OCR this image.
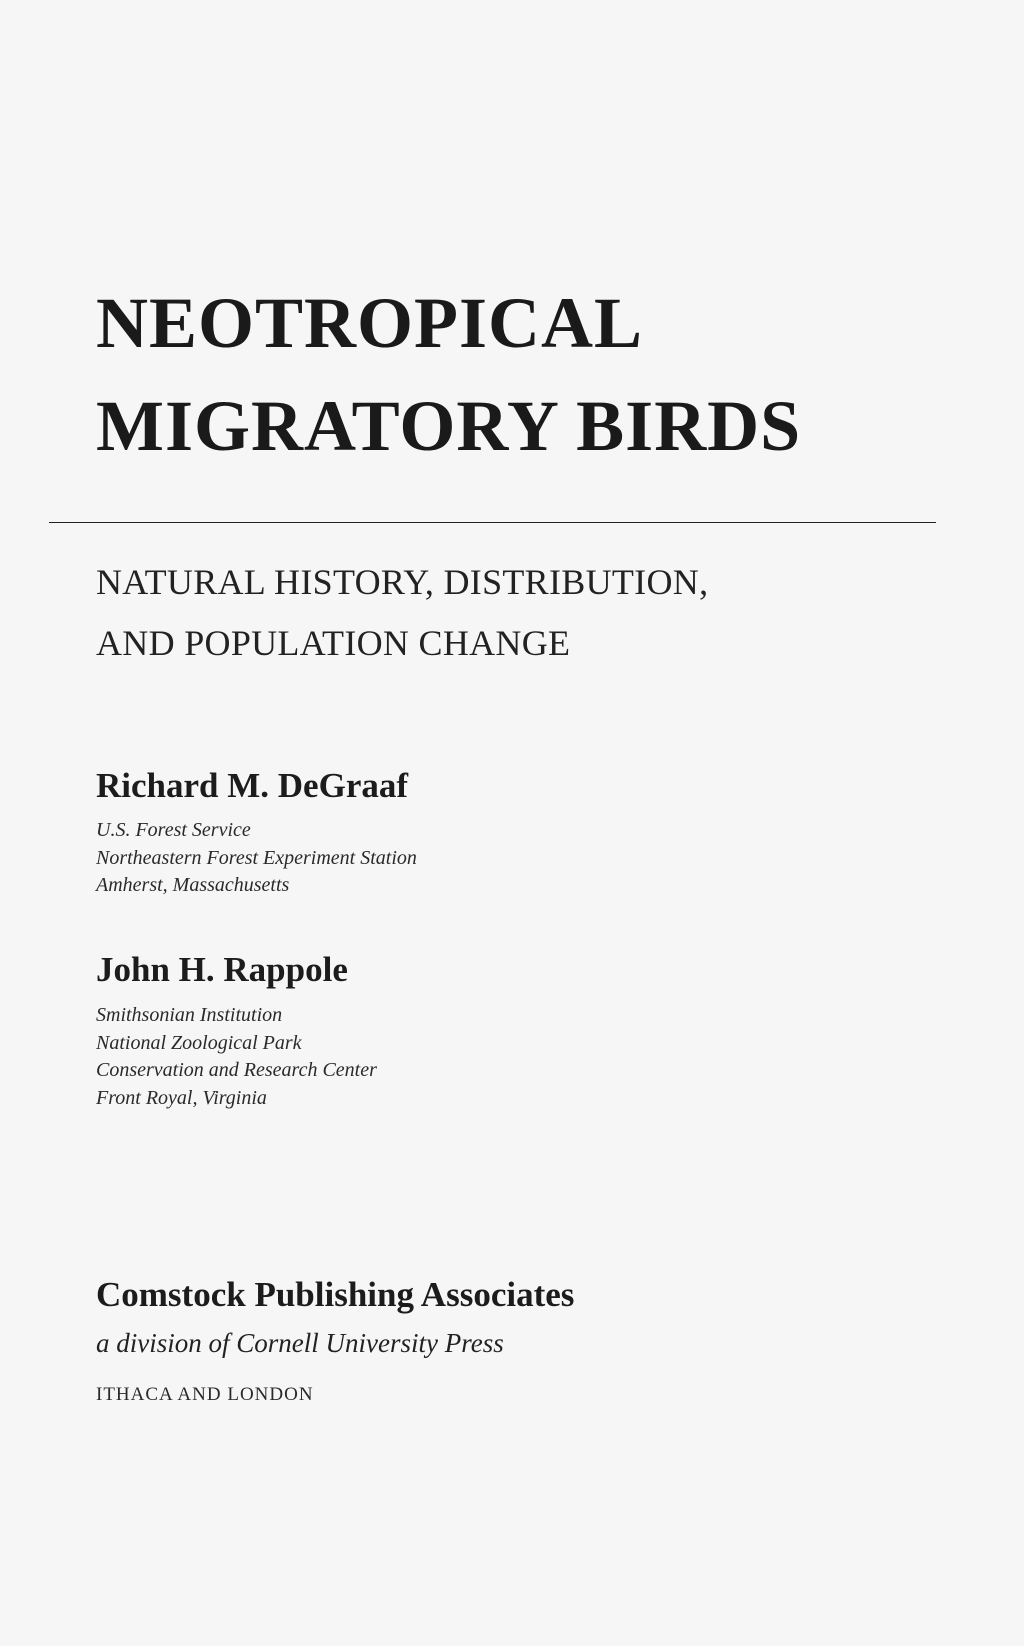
NEOTROPICAL
MIGRATORY BIRDS
NATURAL HISTORY, DISTRIBUTION,
AND POPULATION CHANGE
Richard M. DeGraaf
U.S. Forest Service
Northeastern Forest Experiment Station
Amherst, Massachusetts
John H. Rappole
Smithsonian Institution
National Zoological Park
Conservation and Research Center
Front Royal, Virginia
Comstock Publishing Associates
a division of Cornell University Press
ITHACA AND LONDON
